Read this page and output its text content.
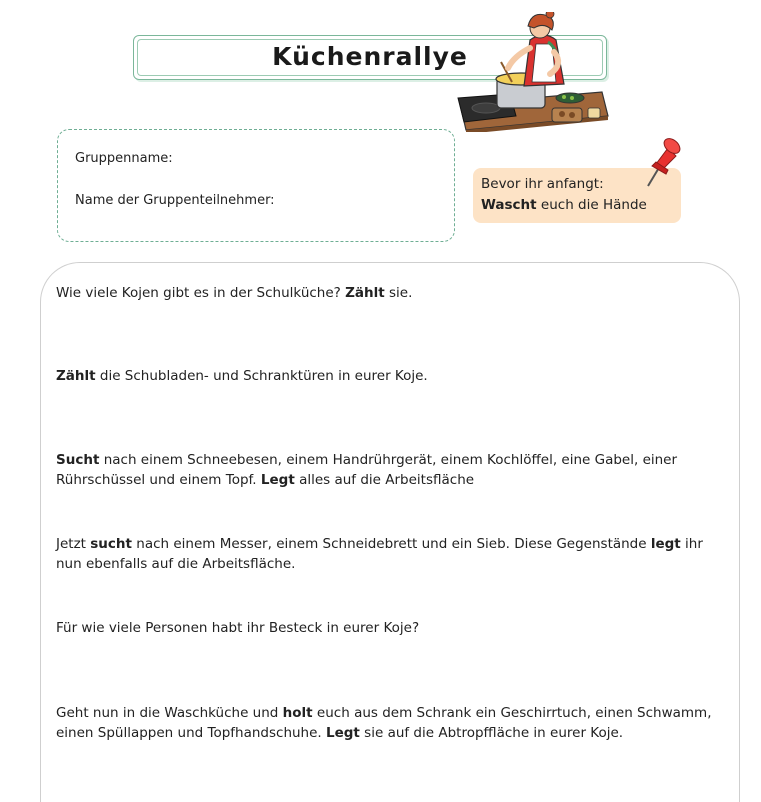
Küchenrallye
Gruppenname:
Name der Gruppenteilnehmer:
Bevor ihr anfangt:
Wascht euch die Hände
Wie viele Kojen gibt es in der Schulküche? Zählt sie.
Zählt die Schubladen- und Schranktüren in eurer Koje.
Sucht nach einem Schneebesen, einem Handrührgerät, einem Kochlöffel, eine Gabel, einer Rührschüssel und einem Topf. Legt alles auf die Arbeitsfläche
Jetzt sucht nach einem Messer, einem Schneidebrett und ein Sieb. Diese Gegenstände legt ihr nun ebenfalls auf die Arbeitsfläche.
Für wie viele Personen habt ihr Besteck in eurer Koje?
Geht nun in die Waschküche und holt euch aus dem Schrank ein Geschirrtuch, einen Schwamm, einen Spüllappen und Topfhandschuhe. Legt sie auf die Abtropffläche in eurer Koje.
